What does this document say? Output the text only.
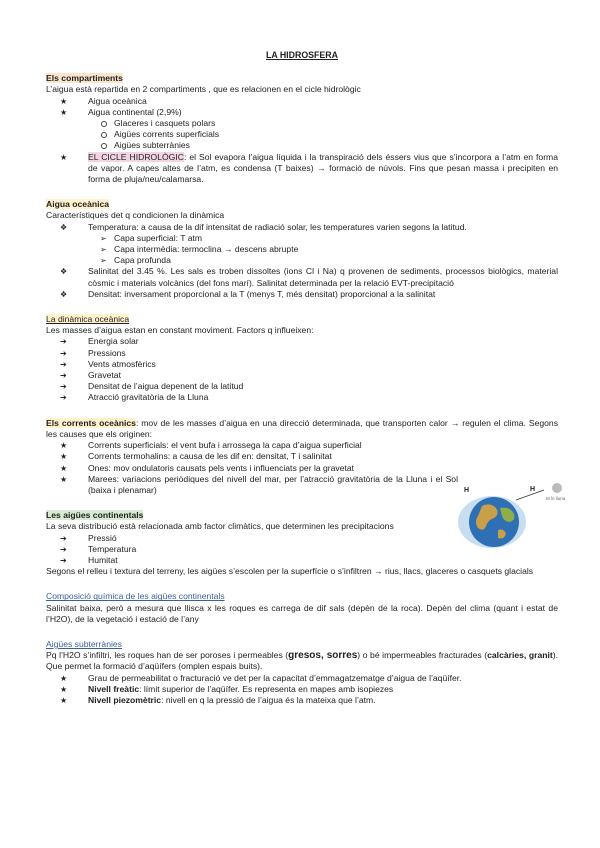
LA HIDROSFERA

Els compartiments

L’aigua està repartida en 2 compartiments , que es relacionen en el cicle hidrològic

★ Aigua oceànica
★ Aigua continental (2,9%)
Glaceres i casquets polars
Aigües corrents superficials
Aigües subterrànies
★ EL CICLE HIDROLÒGIC: el Sol evapora l’aigua líquida i la transpiració dels éssers vius que s’incorpora a l’atm en forma de vapor. A capes altes de l’atm, es condensa (T baixes) → formació de núvols. Fins que pesan massa i precipiten en forma de pluja/neu/calamarsa.

Aigua oceànica

Característiques det q condicionen la dinàmica

❖ Temperatura: a causa de la dif intensitat de radiació solar, les temperatures varien segons la latitud.
➢ Capa superficial: T atm
➢ Capa intermèdia: termoclina → descens abrupte
➢ Capa profunda
❖ Salinitat del 3.45 %. Les sals es troben dissoltes (ions Cl i Na) q provenen de sediments, processos biològics, material còsmic i materials volcànics (del fons marí). Salinitat determinada per la relació EVT-precipitació
❖ Densitat: inversament proporcional a la T (menys T, més densitat) proporcional a la salinitat

La dinàmica oceànica

Les masses d’aigua estan en constant moviment. Factors q influeixen:

➔ Energia solar
➔ Pressions
➔ Vents atmosfèrics
➔ Gravetat
➔ Densitat de l’aigua depenent de la latitud
➔ Atracció gravitatòria de la Lluna

Els corrents oceànics: mov de les masses d’aigua en una direcció determinada, que transporten calor → regulen el clima. Segons les causes que els originen:

★ Corrents superficials: el vent bufa i arrossega la capa d’aigua superficial
★ Corrents termohalins: a causa de les dif en: densitat, T i salinitat
★ Ones: mov ondulatoris causats pels vents i influenciats per la gravetat
★ Marees: variacions periòdiques del nivell del mar, per l’atracció gravitatòria de la Lluna i el Sol (baixa i plenamar)

Les aigües continentals

La seva distribució està relacionada amb factor climàtics, que determinen les precipitacions

➔ Pressió
➔ Temperatura
➔ Humitat

Segons el relleu i textura del terreny, les aigües s’escolen per la superfície o s’infiltren → rius, llacs, glaceres o casquets glacials

Composició química de les aigües continentals

Salinitat baixa, però a mesura que llisca x les roques es carrega de dif sals (depèn de la roca). Depèn del clima (quant i estat de l’H2O), de la vegetació i estació de l’any

Aigües subterrànies

Pq l’H2O s’infiltri, les roques han de ser poroses i permeables (gresos, sorres) o bé impermeables fracturades (calcàries, granit). Que permet la formació d’aqüífers (omplen espais buits).

★ Grau de permeabilitat o fracturació ve det per la capacitat d’emmagatzematge d’aigua de l’aqüífer.
★ Nivell freàtic: límit superior de l’aqüífer. Es representa en mapes amb isopiezes
★ Nivell piezomètric: nivell en q la pressió de l’aigua és la mateixa que l’atm.
H	H
M ln lluna
